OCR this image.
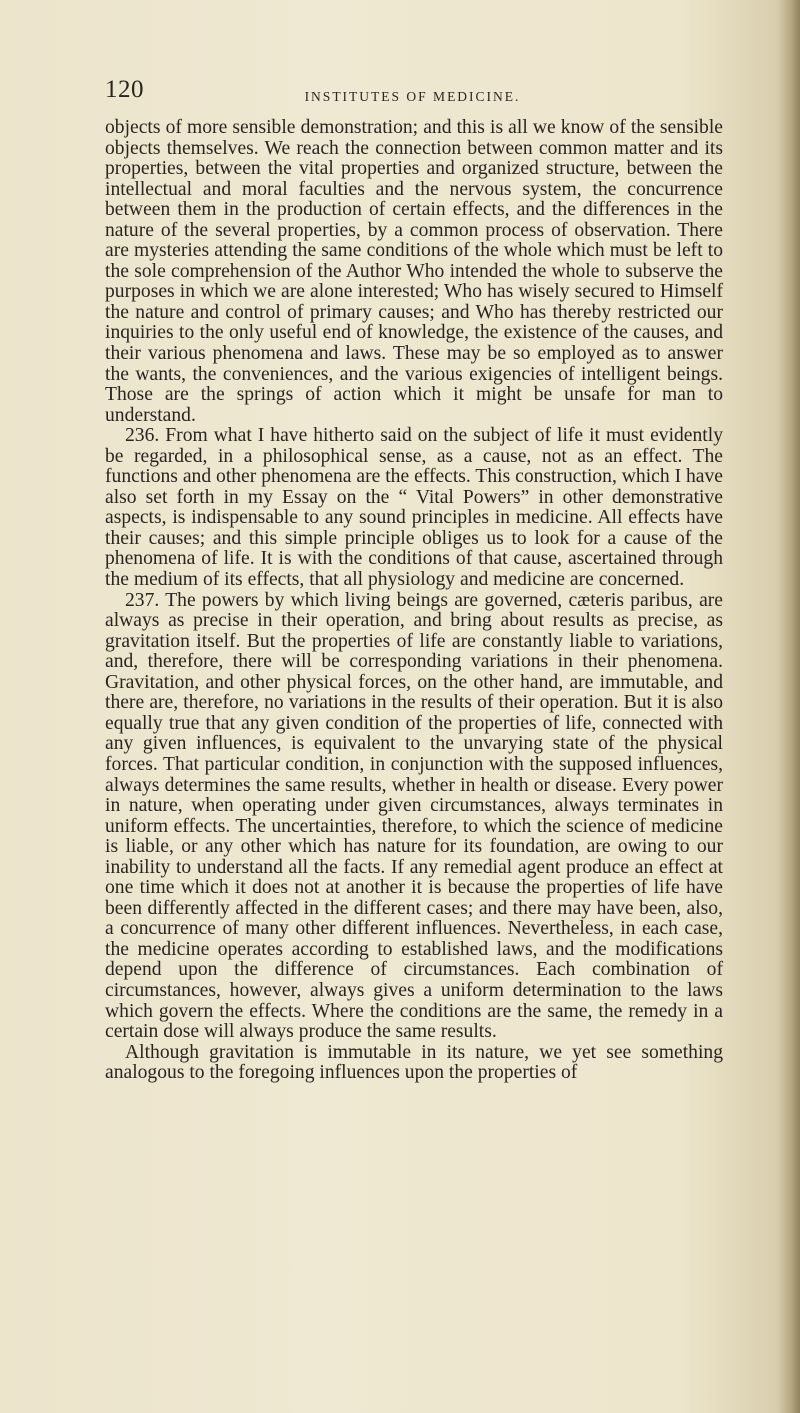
120	INSTITUTES OF MEDICINE.

objects of more sensible demonstration; and this is all we know of the sensible objects themselves. We reach the connection between common matter and its properties, between the vital properties and organized structure, between the intellectual and moral faculties and the nervous system, the concurrence between them in the production of certain effects, and the differences in the nature of the several properties, by a common process of observation. There are mysteries attending the same conditions of the whole which must be left to the sole comprehension of the Author Who intended the whole to subserve the purposes in which we are alone interested; Who has wisely secured to Himself the nature and control of primary causes; and Who has thereby restricted our inquiries to the only useful end of knowledge, the existence of the causes, and their various phenomena and laws. These may be so employed as to answer the wants, the conveniences, and the various exigencies of intelligent beings. Those are the springs of action which it might be unsafe for man to understand.

236. From what I have hitherto said on the subject of life it must evidently be regarded, in a philosophical sense, as a cause, not as an effect. The functions and other phenomena are the effects. This construction, which I have also set forth in my Essay on the “ Vital Powers” in other demonstrative aspects, is indispensable to any sound principles in medicine. All effects have their causes; and this simple principle obliges us to look for a cause of the phenomena of life. It is with the conditions of that cause, ascertained through the medium of its effects, that all physiology and medicine are concerned.

237. The powers by which living beings are governed, cæteris paribus, are always as precise in their operation, and bring about results as precise, as gravitation itself. But the properties of life are constantly liable to variations, and, therefore, there will be corresponding variations in their phenomena. Gravitation, and other physical forces, on the other hand, are immutable, and there are, therefore, no variations in the results of their operation. But it is also equally true that any given condition of the properties of life, connected with any given influences, is equivalent to the unvarying state of the physical forces. That particular condition, in conjunction with the supposed influences, always determines the same results, whether in health or disease. Every power in nature, when operating under given circumstances, always terminates in uniform effects. The uncertainties, therefore, to which the science of medicine is liable, or any other which has nature for its foundation, are owing to our inability to understand all the facts. If any remedial agent produce an effect at one time which it does not at another it is because the properties of life have been differently affected in the different cases; and there may have been, also, a concurrence of many other different influences. Nevertheless, in each case, the medicine operates according to established laws, and the modifications depend upon the difference of circumstances. Each combination of circumstances, however, always gives a uniform determination to the laws which govern the effects. Where the conditions are the same, the remedy in a certain dose will always produce the same results.

Although gravitation is immutable in its nature, we yet see something analogous to the foregoing influences upon the properties of
